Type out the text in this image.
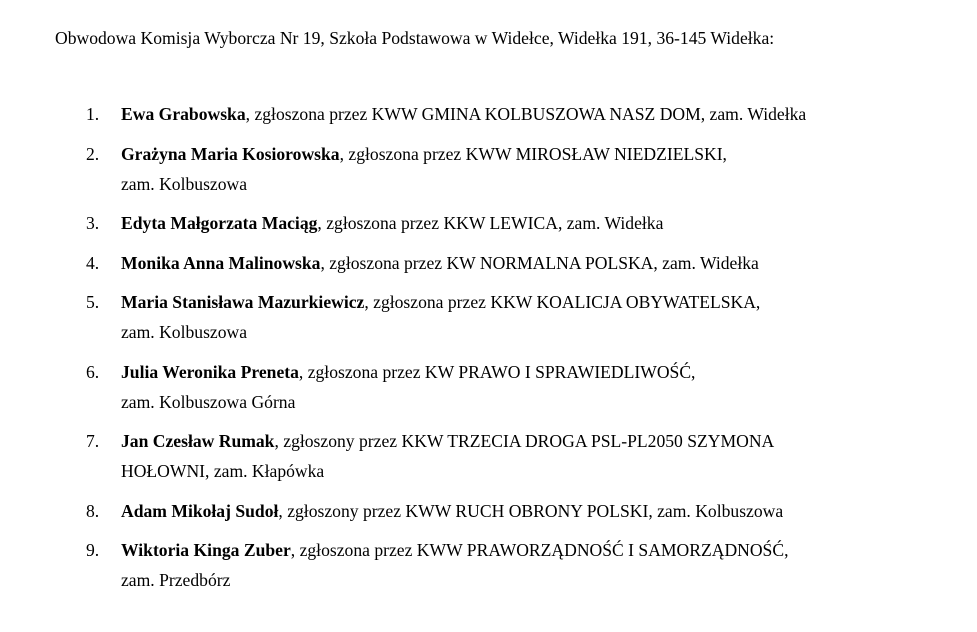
Obwodowa Komisja Wyborcza Nr 19, Szkoła Podstawowa w Widełce, Widełka 191, 36-145 Widełka:
1. Ewa Grabowska, zgłoszona przez KWW GMINA KOLBUSZOWA NASZ DOM, zam. Widełka
2. Grażyna Maria Kosiorowska, zgłoszona przez KWW MIROSŁAW NIEDZIELSKI,
zam. Kolbuszowa
3. Edyta Małgorzata Maciąg, zgłoszona przez KKW LEWICA, zam. Widełka
4. Monika Anna Malinowska, zgłoszona przez KW NORMALNA POLSKA, zam. Widełka
5. Maria Stanisława Mazurkiewicz, zgłoszona przez KKW KOALICJA OBYWATELSKA,
zam. Kolbuszowa
6. Julia Weronika Preneta, zgłoszona przez KW PRAWO I SPRAWIEDLIWOŚĆ,
zam. Kolbuszowa Górna
7. Jan Czesław Rumak, zgłoszony przez KKW TRZECIA DROGA PSL-PL2050 SZYMONA
HOŁOWNI, zam. Kłapówka
8. Adam Mikołaj Sudoł, zgłoszony przez KWW RUCH OBRONY POLSKI, zam. Kolbuszowa
9. Wiktoria Kinga Zuber, zgłoszona przez KWW PRAWORZĄDNOŚĆ I SAMORZĄDNOŚĆ,
zam. Przedbórz
